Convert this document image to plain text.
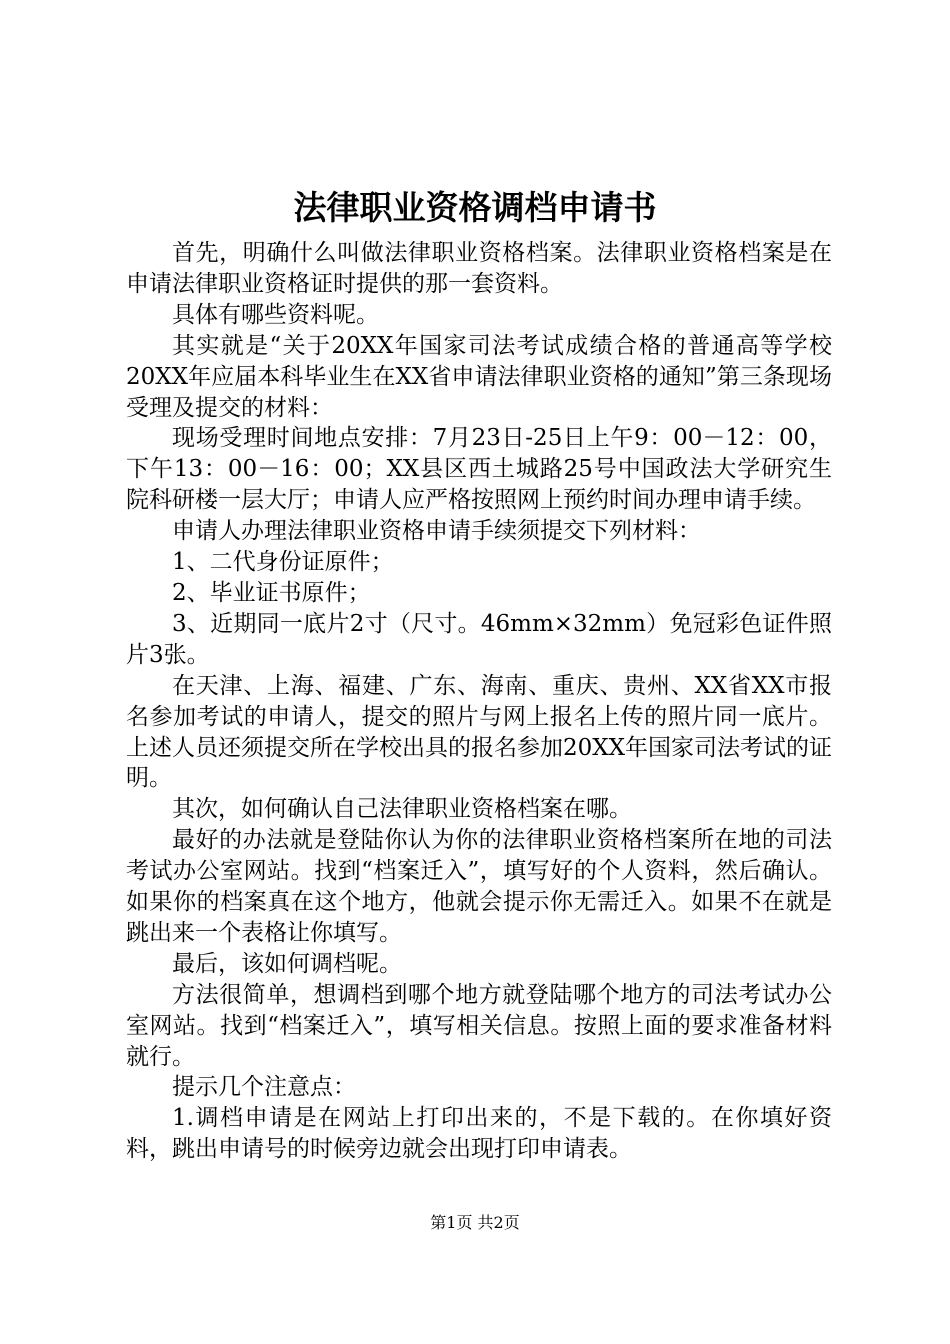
法律职业资格调档申请书

首先，明确什么叫做法律职业资格档案。法律职业资格档案是在申请法律职业资格证时提供的那一套资料。

具体有哪些资料呢。

其实就是“关于20XX年国家司法考试成绩合格的普通高等学校20XX年应届本科毕业生在XX省申请法律职业资格的通知”第三条现场受理及提交的材料：

现场受理时间地点安排：7月23日-25日上午9：00－12：00，下午13：00－16：00；XX县区西土城路25号中国政法大学研究生院科研楼一层大厅；申请人应严格按照网上预约时间办理申请手续。

申请人办理法律职业资格申请手续须提交下列材料：

1、二代身份证原件；

2、毕业证书原件；

3、近期同一底片2寸（尺寸。46mm×32mm）免冠彩色证件照片3张。

在天津、上海、福建、广东、海南、重庆、贵州、XX省XX市报名参加考试的申请人，提交的照片与网上报名上传的照片同一底片。上述人员还须提交所在学校出具的报名参加20XX年国家司法考试的证明。

其次，如何确认自己法律职业资格档案在哪。

最好的办法就是登陆你认为你的法律职业资格档案所在地的司法考试办公室网站。找到“档案迁入”，填写好的个人资料，然后确认。如果你的档案真在这个地方，他就会提示你无需迁入。如果不在就是跳出来一个表格让你填写。

最后，该如何调档呢。

方法很简单，想调档到哪个地方就登陆哪个地方的司法考试办公室网站。找到“档案迁入”，填写相关信息。按照上面的要求准备材料就行。

提示几个注意点：

1.调档申请是在网站上打印出来的，不是下载的。在你填好资料，跳出申请号的时候旁边就会出现打印申请表。

第1页 共2页
